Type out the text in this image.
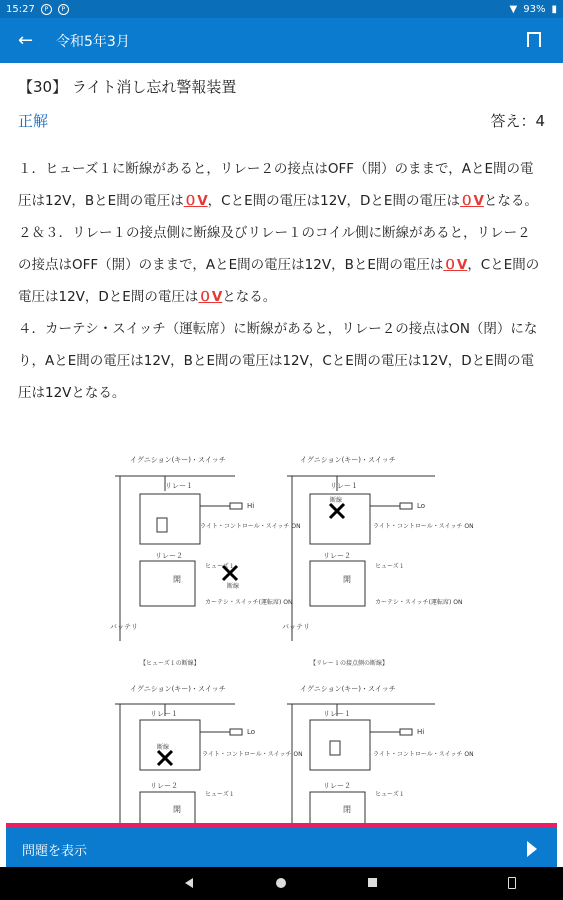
15:27	P	P	▼ 93% ▮
←	令和5年3月
【30】 ライト消し忘れ警報装置
正解	答え：4

１．ヒューズ１に断線があると，リレー２の接点はOFF（開）のままで，AとE間の電圧は12V，BとE間の電圧は０V，CとE間の電圧は12V，DとE間の電圧は０Vとなる。

２＆３．リレー１の接点側に断線及びリレー１のコイル側に断線があると，リレー２の接点はOFF（開）のままで，AとE間の電圧は12V，BとE間の電圧は０V，CとE間の電圧は12V，DとE間の電圧は０Vとなる。

４．カーテシ・スイッチ（運転席）に断線があると，リレー２の接点はON（閉）になり，AとE間の電圧は12V，BとE間の電圧は12V，CとE間の電圧は12V，DとE間の電圧は12Vとなる。

イグニション(キー)・スイッチ
リレー１
Hi
ライト・コントロール・スイッチ ON
リレー２
開
ヒューズ１
断線
カーテシ・スイッチ(運転席) ON
バッテリ
【ヒューズ１の断線】
イグニション(キー)・スイッチ
リレー１
断線
Lo
ライト・コントロール・スイッチ ON
リレー２
開
ヒューズ１
カーテシ・スイッチ(運転席) ON
バッテリ
【リレー１の接点側の断線】
イグニション(キー)・スイッチ
リレー１
断線
Lo
ライト・コントロール・スイッチ ON
リレー２
開
ヒューズ１
イグニション(キー)・スイッチ
リレー１
Hi
ライト・コントロール・スイッチ ON
リレー２
閉
ヒューズ１
問題を表示
